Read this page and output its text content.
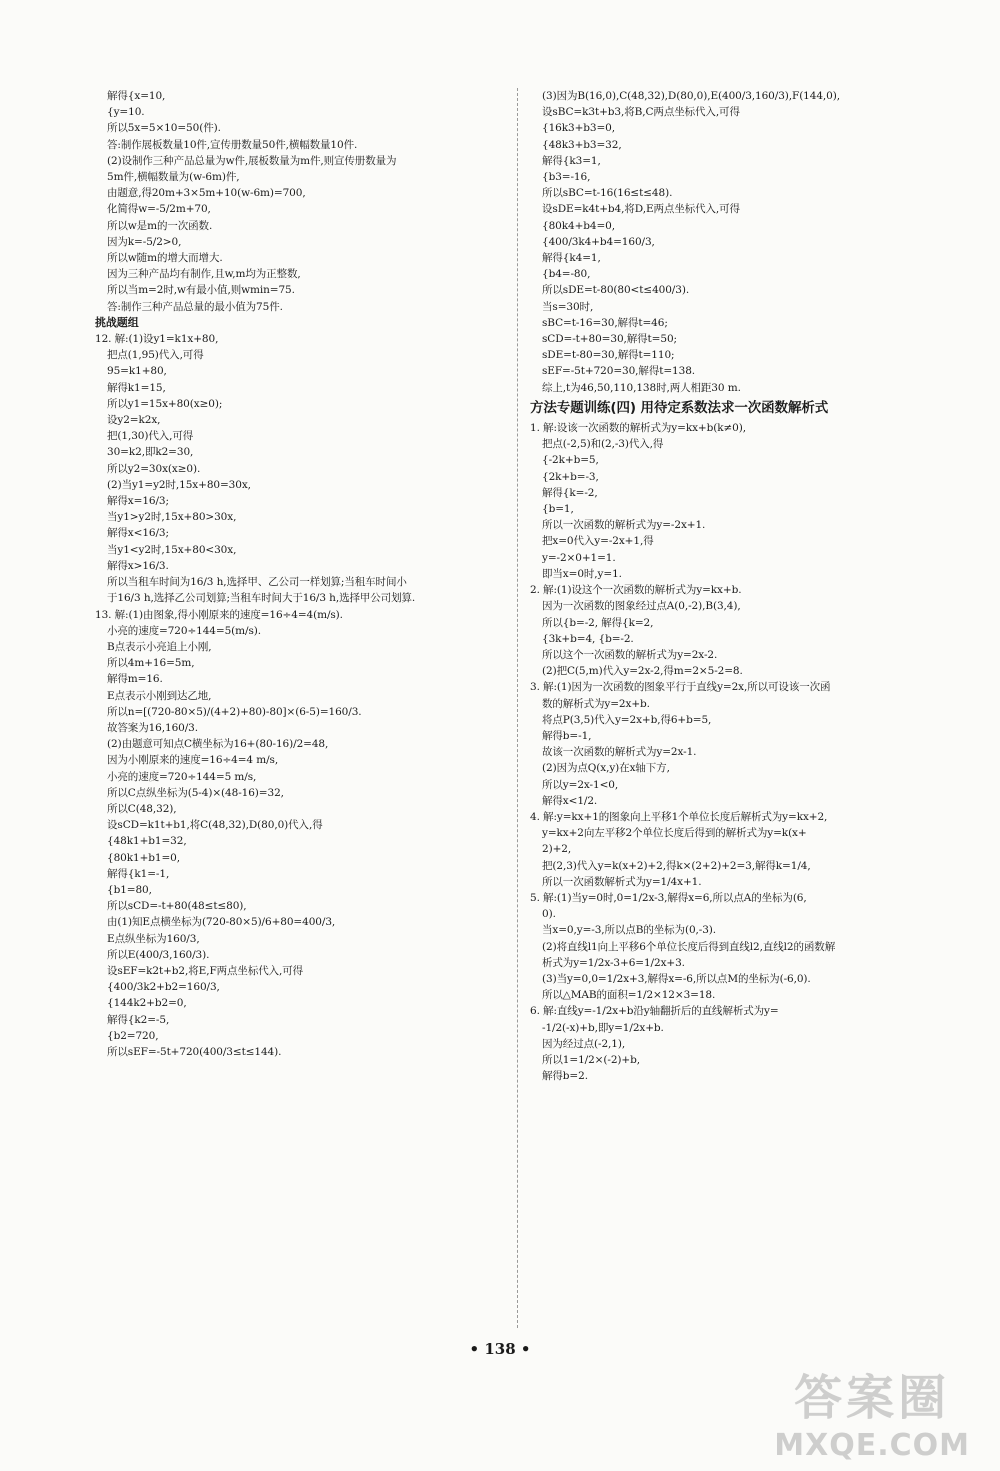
解得{x=10,
{y=10.
所以5x=5×10=50(件).
答:制作展板数量10件,宣传册数量50件,横幅数量10件.
(2)设制作三种产品总量为w件,展板数量为m件,则宣传册数量为
5m件,横幅数量为(w-6m)件,
由题意,得20m+3×5m+10(w-6m)=700,
化简得w=-5/2m+70,
所以w是m的一次函数.
因为k=-5/2>0,
所以w随m的增大而增大.
因为三种产品均有制作,且w,m均为正整数,
所以当m=2时,w有最小值,则wmin=75.
答:制作三种产品总量的最小值为75件.
挑战题组
12. 解:(1)设y1=k1x+80,
把点(1,95)代入,可得
95=k1+80,
解得k1=15,
所以y1=15x+80(x≥0);
设y2=k2x,
把(1,30)代入,可得
30=k2,即k2=30,
所以y2=30x(x≥0).
(2)当y1=y2时,15x+80=30x,
解得x=16/3;
当y1>y2时,15x+80>30x,
解得x<16/3;
当y1<y2时,15x+80<30x,
解得x>16/3.
所以当租车时间为16/3 h,选择甲、乙公司一样划算;当租车时间小
于16/3 h,选择乙公司划算;当租车时间大于16/3 h,选择甲公司划算.
13. 解:(1)由图象,得小刚原来的速度=16÷4=4(m/s).
小亮的速度=720÷144=5(m/s).
B点表示小亮追上小刚,
所以4m+16=5m,
解得m=16.
E点表示小刚到达乙地,
所以n=[(720-80×5)/(4+2)+80)-80]×(6-5)=160/3.
故答案为16,160/3.
(2)由题意可知点C横坐标为16+(80-16)/2=48,
因为小刚原来的速度=16÷4=4 m/s,
小亮的速度=720÷144=5 m/s,
所以C点纵坐标为(5-4)×(48-16)=32,
所以C(48,32),
设sCD=k1t+b1,将C(48,32),D(80,0)代入,得
{48k1+b1=32,
{80k1+b1=0,
解得{k1=-1,
{b1=80,
所以sCD=-t+80(48≤t≤80),
由(1)知E点横坐标为(720-80×5)/6+80=400/3,
E点纵坐标为160/3,
所以E(400/3,160/3).
设sEF=k2t+b2,将E,F两点坐标代入,可得
{400/3k2+b2=160/3,
{144k2+b2=0,
解得{k2=-5,
{b2=720,
所以sEF=-5t+720(400/3≤t≤144).
(3)因为B(16,0),C(48,32),D(80,0),E(400/3,160/3),F(144,0),
设sBC=k3t+b3,将B,C两点坐标代入,可得
{16k3+b3=0,
{48k3+b3=32,
解得{k3=1,
{b3=-16,
所以sBC=t-16(16≤t≤48).
设sDE=k4t+b4,将D,E两点坐标代入,可得
{80k4+b4=0,
{400/3k4+b4=160/3,
解得{k4=1,
{b4=-80,
所以sDE=t-80(80<t≤400/3).
当s=30时,
sBC=t-16=30,解得t=46;
sCD=-t+80=30,解得t=50;
sDE=t-80=30,解得t=110;
sEF=-5t+720=30,解得t=138.
综上,t为46,50,110,138时,两人相距30 m.
方法专题训练(四) 用待定系数法求一次函数解析式
1. 解:设该一次函数的解析式为y=kx+b(k≠0),
把点(-2,5)和(2,-3)代入,得
{-2k+b=5,
{2k+b=-3,
解得{k=-2,
{b=1,
所以一次函数的解析式为y=-2x+1.
把x=0代入y=-2x+1,得
y=-2×0+1=1.
即当x=0时,y=1.
2. 解:(1)设这个一次函数的解析式为y=kx+b.
因为一次函数的图象经过点A(0,-2),B(3,4),
所以{b=-2, 解得{k=2,
{3k+b=4, {b=-2.
所以这个一次函数的解析式为y=2x-2.
(2)把C(5,m)代入y=2x-2,得m=2×5-2=8.
3. 解:(1)因为一次函数的图象平行于直线y=2x,所以可设该一次函
数的解析式为y=2x+b.
将点P(3,5)代入y=2x+b,得6+b=5,
解得b=-1,
故该一次函数的解析式为y=2x-1.
(2)因为点Q(x,y)在x轴下方,
所以y=2x-1<0,
解得x<1/2.
4. 解:y=kx+1的图象向上平移1个单位长度后解析式为y=kx+2,
y=kx+2向左平移2个单位长度后得到的解析式为y=k(x+
2)+2,
把(2,3)代入y=k(x+2)+2,得k×(2+2)+2=3,解得k=1/4,
所以一次函数解析式为y=1/4x+1.
5. 解:(1)当y=0时,0=1/2x-3,解得x=6,所以点A的坐标为(6,
0).
当x=0,y=-3,所以点B的坐标为(0,-3).
(2)将直线l1向上平移6个单位长度后得到直线l2,直线l2的函数解
析式为y=1/2x-3+6=1/2x+3.
(3)当y=0,0=1/2x+3,解得x=-6,所以点M的坐标为(-6,0).
所以△MAB的面积=1/2×12×3=18.
6. 解:直线y=-1/2x+b沿y轴翻折后的直线解析式为y=
-1/2(-x)+b,即y=1/2x+b.
因为经过点(-2,1),
所以1=1/2×(-2)+b,
解得b=2.
• 138 •
答案圈
MXQE.COM
